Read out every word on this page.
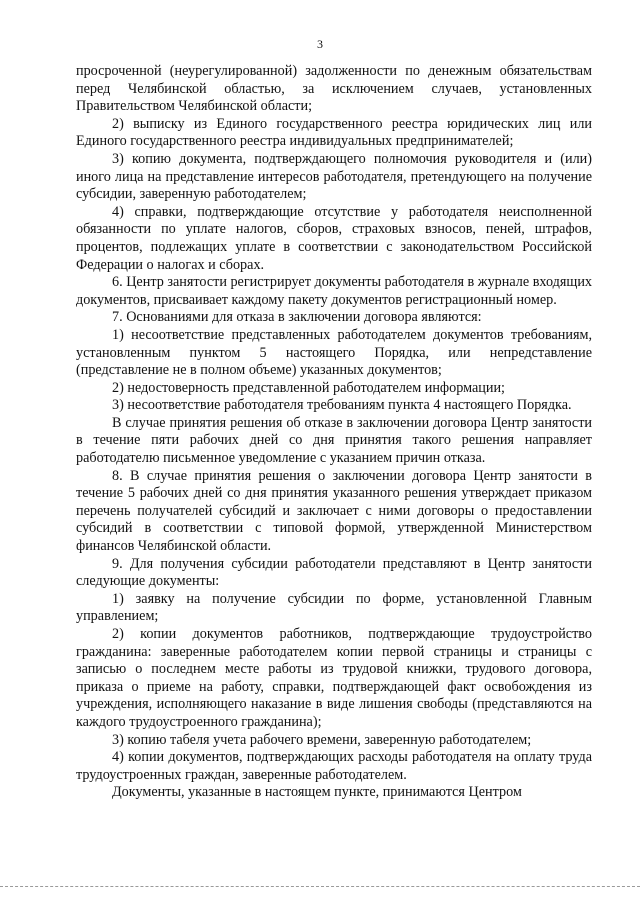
3

просроченной (неурегулированной) задолженности по денежным обязательствам перед Челябинской областью, за исключением случаев, установленных Правительством Челябинской области;

2) выписку из Единого государственного реестра юридических лиц или Единого государственного реестра индивидуальных предпринимателей;

3) копию документа, подтверждающего полномочия руководителя и (или) иного лица на представление интересов работодателя, претендующего на получение субсидии, заверенную работодателем;

4) справки, подтверждающие отсутствие у работодателя неисполненной обязанности по уплате налогов, сборов, страховых взносов, пеней, штрафов, процентов, подлежащих уплате в соответствии с законодательством Российской Федерации о налогах и сборах.

6. Центр занятости регистрирует документы работодателя в журнале входящих документов, присваивает каждому пакету документов регистрационный номер.

7. Основаниями для отказа в заключении договора являются:

1) несоответствие представленных работодателем документов требованиям, установленным пунктом 5 настоящего Порядка, или непредставление (представление не в полном объеме) указанных документов;

2) недостоверность представленной работодателем информации;

3) несоответствие работодателя требованиям пункта 4 настоящего Порядка.

В случае принятия решения об отказе в заключении договора Центр занятости в течение пяти рабочих дней со дня принятия такого решения направляет работодателю письменное уведомление с указанием причин отказа.

8. В случае принятия решения о заключении договора Центр занятости в течение 5 рабочих дней со дня принятия указанного решения утверждает приказом перечень получателей субсидий и заключает с ними договоры о предоставлении субсидий в соответствии с типовой формой, утвержденной Министерством финансов Челябинской области.

9. Для получения субсидии работодатели представляют в Центр занятости следующие документы:

1) заявку на получение субсидии по форме, установленной Главным управлением;

2) копии документов работников, подтверждающие трудоустройство гражданина: заверенные работодателем копии первой страницы и страницы с записью о последнем месте работы из трудовой книжки, трудового договора, приказа о приеме на работу, справки, подтверждающей факт освобождения из учреждения, исполняющего наказание в виде лишения свободы (представляются на каждого трудоустроенного гражданина);

3) копию табеля учета рабочего времени, заверенную работодателем;

4) копии документов, подтверждающих расходы работодателя на оплату труда трудоустроенных граждан, заверенные работодателем.

Документы, указанные в настоящем пункте, принимаются Центром
